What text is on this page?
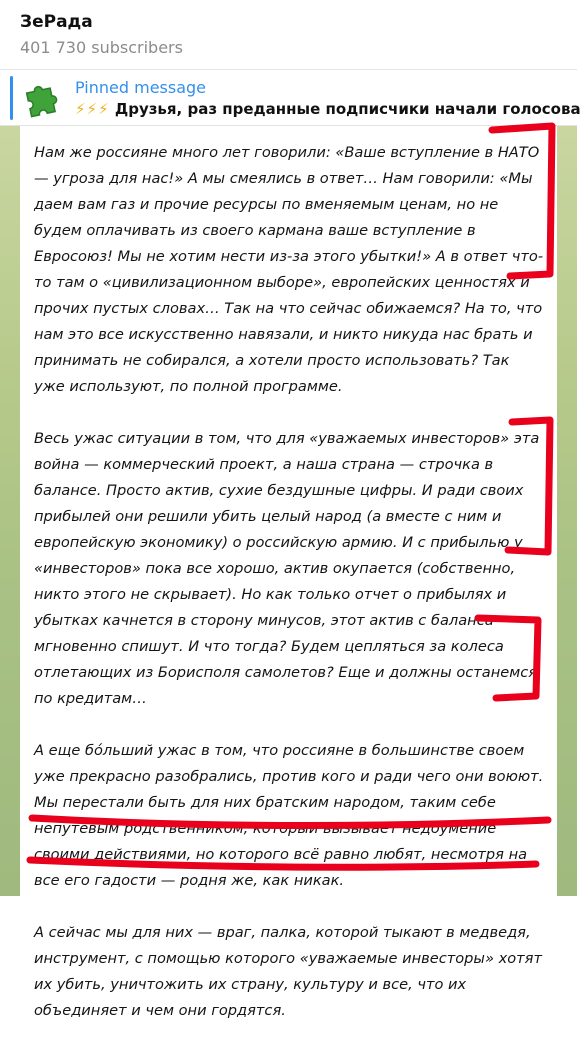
ЗеРада
401 730 subscribers
Pinned message
⚡⚡⚡ Друзья, раз преданные подписчики начали голосова
Нам же россияне много лет говорили: «Ваше вступление в НАТО — угроза для нас!» А мы смеялись в ответ… Нам говорили: «Мы даем вам газ и прочие ресурсы по вменяемым ценам, но не будем оплачивать из своего кармана ваше вступление в Евросоюз! Мы не хотим нести из-за этого убытки!» А в ответ что-то там о «цивилизационном выборе», европейских ценностях и прочих пустых словах… Так на что сейчас обижаемся? На то, что нам это все искусственно навязали, и никто никуда нас брать и принимать не собирался, а хотели просто использовать? Так уже используют, по полной программе.
Весь ужас ситуации в том, что для «уважаемых инвесторов» эта война — коммерческий проект, а наша страна — строчка в балансе. Просто актив, сухие бездушные цифры. И ради своих прибылей они решили убить целый народ (а вместе с ним и европейскую экономику) о российскую армию. И с прибылью у «инвесторов» пока все хорошо, актив окупается (собственно, никто этого не скрывает). Но как только отчет о прибылях и убытках качнется в сторону минусов, этот актив с баланса мгновенно спишут. И что тогда? Будем цепляться за колеса отлетающих из Борисполя самолетов? Еще и должны останемся по кредитам…
А еще бо́льший ужас в том, что россияне в большинстве своем уже прекрасно разобрались, против кого и ради чего они воюют. Мы перестали быть для них братским народом, таким себе непутевым родственником, который вызывает недоумение своими действиями, но которого всё равно любят, несмотря на все его гадости — родня же, как никак.
А сейчас мы для них — враг, палка, которой тыкают в медведя, инструмент, с помощью которого «уважаемые инвесторы» хотят их убить, уничтожить их страну, культуру и все, что их объединяет и чем они гордятся.
